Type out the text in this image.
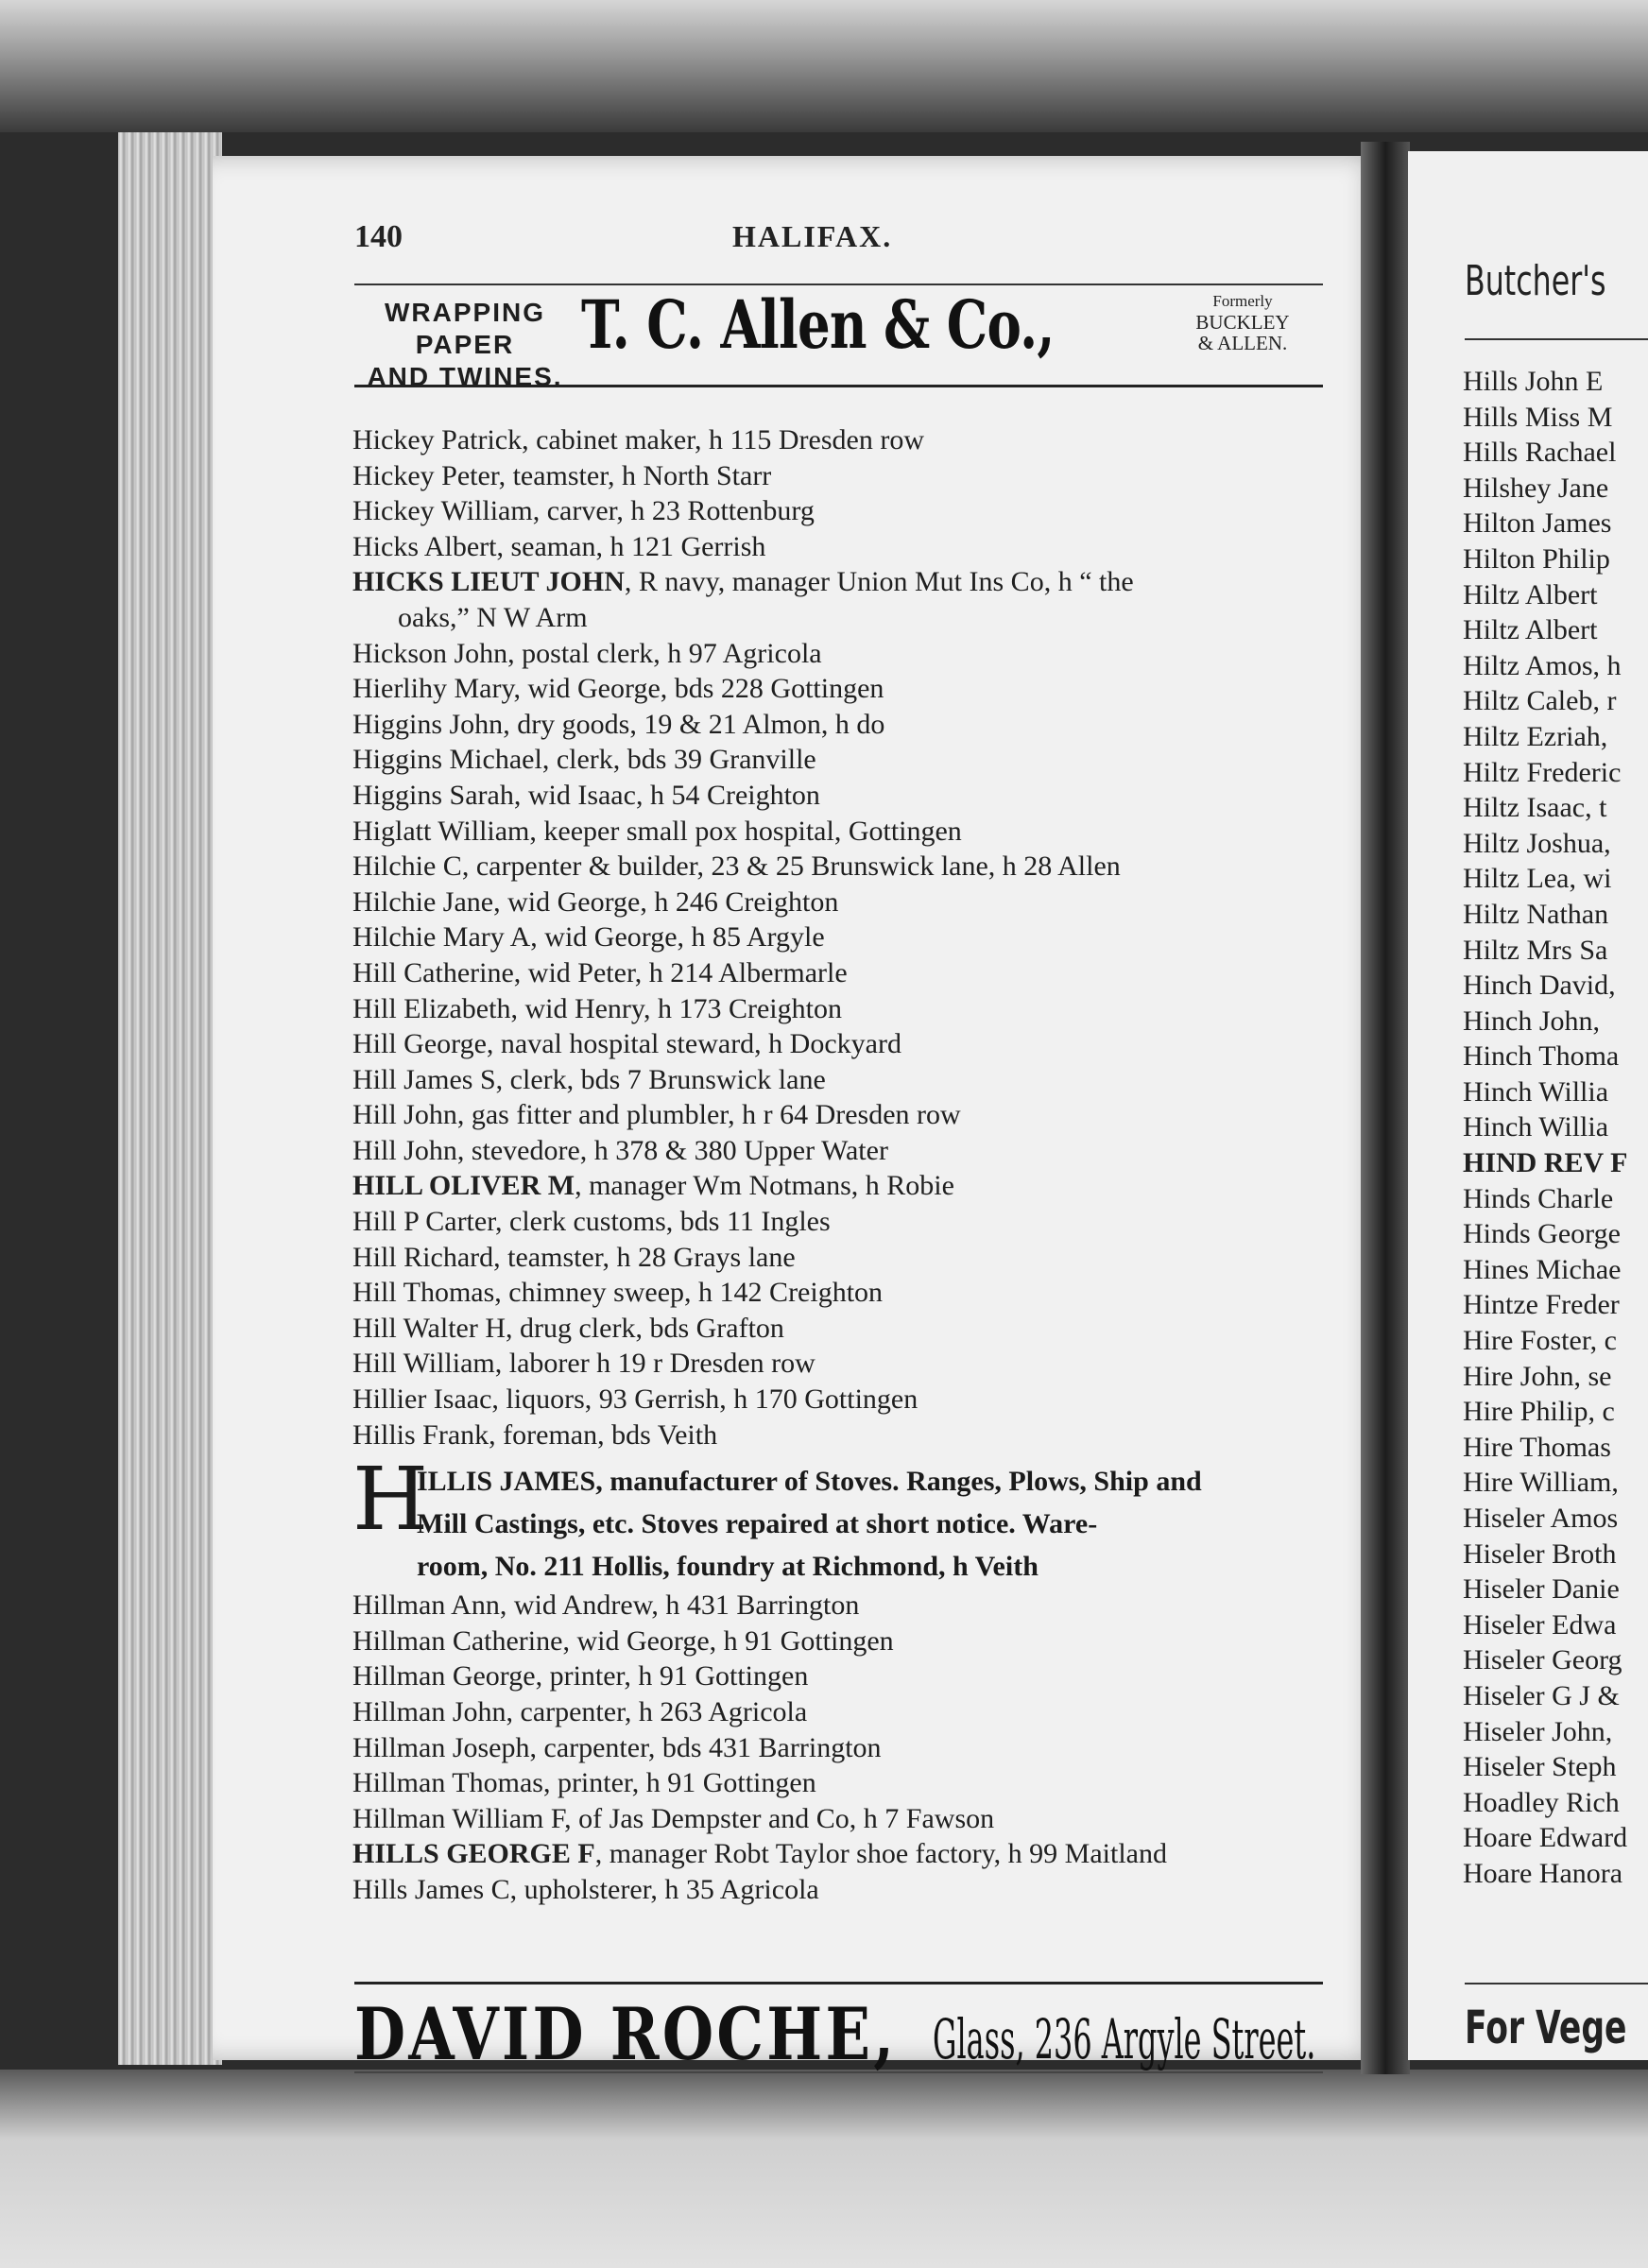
140	HALIFAX.
WRAPPING PAPER
AND TWINES.
T. C. Allen & Co.,	Formerly
BUCKLEY
& ALLEN.
Hickey Patrick, cabinet maker, h 115 Dresden row
Hickey Peter, teamster, h North Starr
Hickey William, carver, h 23 Rottenburg
Hicks Albert, seaman, h 121 Gerrish
HICKS LIEUT JOHN, R navy, manager Union Mut Ins Co, h “ the
oaks,” N W Arm
Hickson John, postal clerk, h 97 Agricola
Hierlihy Mary, wid George, bds 228 Gottingen
Higgins John, dry goods, 19 & 21 Almon, h do
Higgins Michael, clerk, bds 39 Granville
Higgins Sarah, wid Isaac, h 54 Creighton
Higlatt William, keeper small pox hospital, Gottingen
Hilchie C, carpenter & builder, 23 & 25 Brunswick lane, h 28 Allen
Hilchie Jane, wid George, h 246 Creighton
Hilchie Mary A, wid George, h 85 Argyle
Hill Catherine, wid Peter, h 214 Albermarle
Hill Elizabeth, wid Henry, h 173 Creighton
Hill George, naval hospital steward, h Dockyard
Hill James S, clerk, bds 7 Brunswick lane
Hill John, gas fitter and plumbler, h r 64 Dresden row
Hill John, stevedore, h 378 & 380 Upper Water
HILL OLIVER M, manager Wm Notmans, h Robie
Hill P Carter, clerk customs, bds 11 Ingles
Hill Richard, teamster, h 28 Grays lane
Hill Thomas, chimney sweep, h 142 Creighton
Hill Walter H, drug clerk, bds Grafton
Hill William, laborer h 19 r Dresden row
Hillier Isaac, liquors, 93 Gerrish, h 170 Gottingen
Hillis Frank, foreman, bds Veith
H
ILLIS JAMES, manufacturer of Stoves. Ranges, Plows, Ship and
Mill Castings, etc. Stoves repaired at short notice. Ware-
room, No. 211 Hollis, foundry at Richmond, h Veith
Hillman Ann, wid Andrew, h 431 Barrington
Hillman Catherine, wid George, h 91 Gottingen
Hillman George, printer, h 91 Gottingen
Hillman John, carpenter, h 263 Agricola
Hillman Joseph, carpenter, bds 431 Barrington
Hillman Thomas, printer, h 91 Gottingen
Hillman William F, of Jas Dempster and Co, h 7 Fawson
HILLS GEORGE F, manager Robt Taylor shoe factory, h 99 Maitland
Hills James C, upholsterer, h 35 Agricola
DAVID ROCHE, Glass, 236 Argyle Street.
Butcher's
Hills John E
Hills Miss M
Hills Rachael
Hilshey Jane
Hilton James
Hilton Philip
Hiltz Albert
Hiltz Albert
Hiltz Amos, h
Hiltz Caleb, r
Hiltz Ezriah,
Hiltz Frederic
Hiltz Isaac, t
Hiltz Joshua,
Hiltz Lea, wi
Hiltz Nathan
Hiltz Mrs Sa
Hinch David,
Hinch John,
Hinch Thoma
Hinch Willia
Hinch Willia
HIND REV F
Hinds Charle
Hinds George
Hines Michae
Hintze Freder
Hire Foster, c
Hire John, se
Hire Philip, c
Hire Thomas
Hire William,
Hiseler Amos
Hiseler Broth
Hiseler Danie
Hiseler Edwa
Hiseler Georg
Hiseler G J &
Hiseler John,
Hiseler Steph
Hoadley Rich
Hoare Edward
Hoare Hanora
For Vege
